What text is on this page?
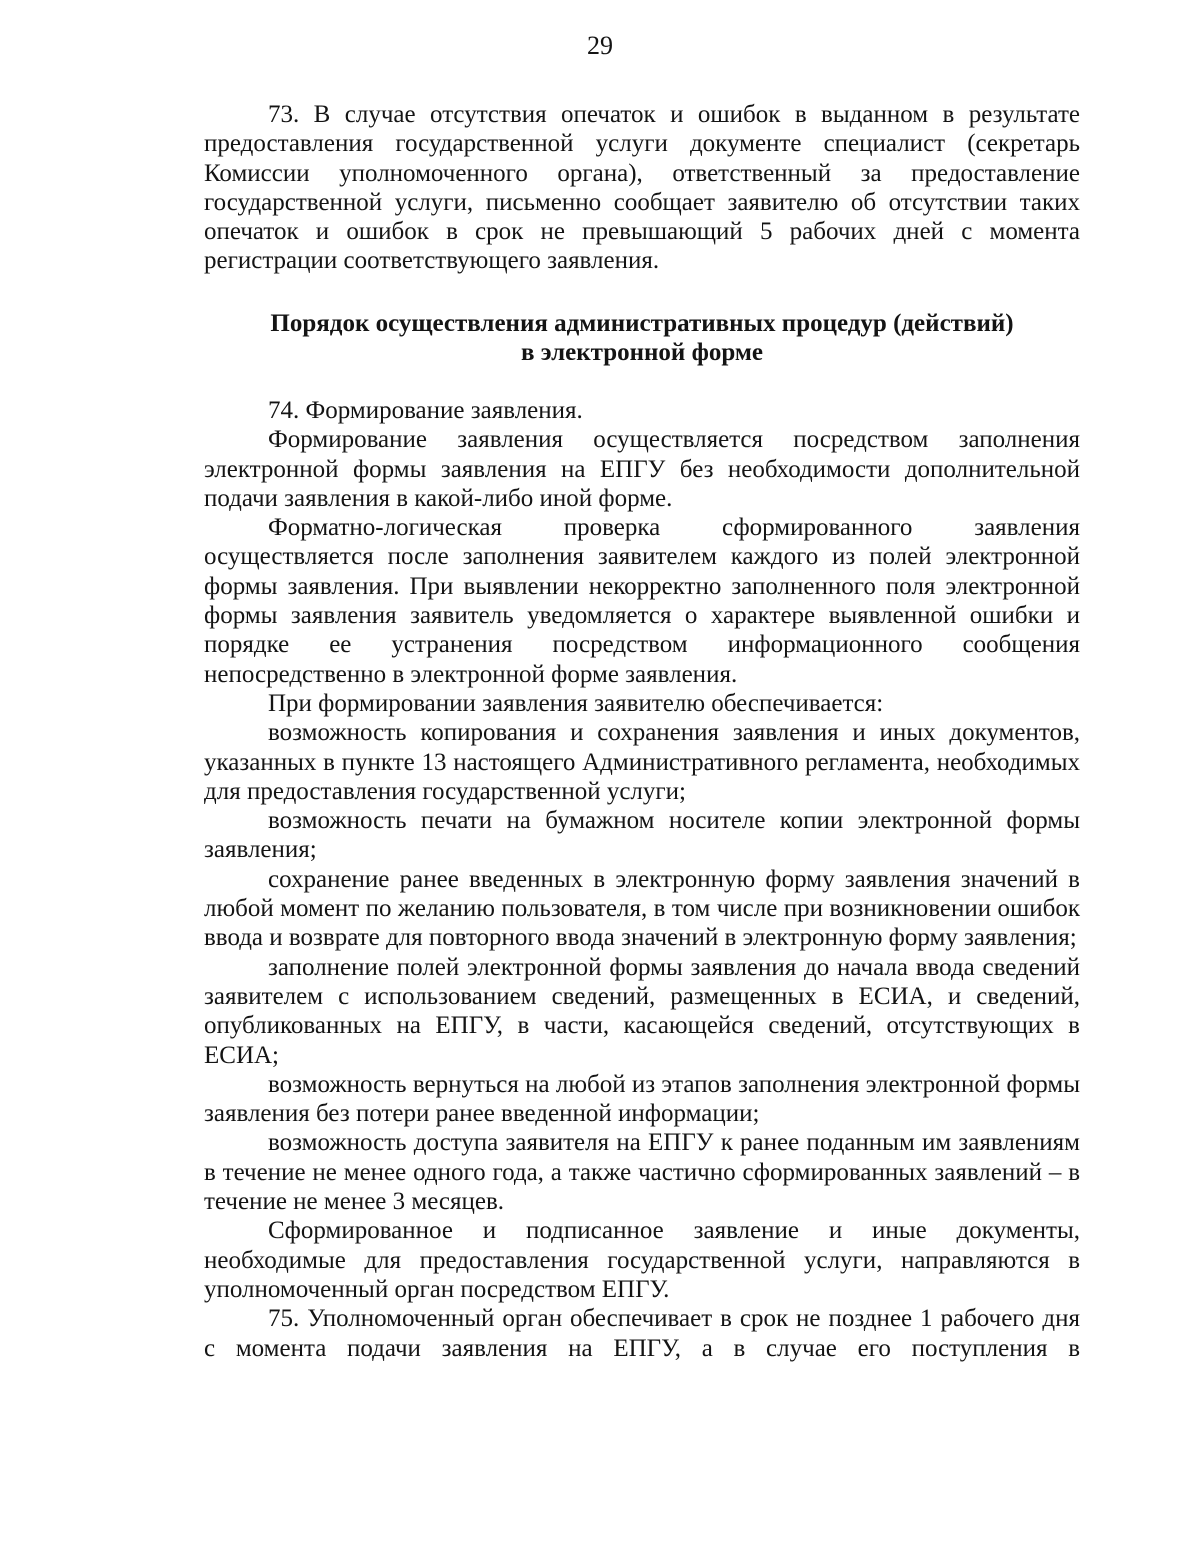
29

73. В случае отсутствия опечаток и ошибок в выданном в результате предоставления государственной услуги документе специалист (секретарь Комиссии уполномоченного органа), ответственный за предоставление государственной услуги, письменно сообщает заявителю об отсутствии таких опечаток и ошибок в срок не превышающий 5 рабочих дней с момента регистрации соответствующего заявления.

Порядок осуществления административных процедур (действий)
в электронной форме

74. Формирование заявления.

Формирование заявления осуществляется посредством заполнения электронной формы заявления на ЕПГУ без необходимости дополнительной подачи заявления в какой-либо иной форме.

Форматно-логическая проверка сформированного заявления осуществляется после заполнения заявителем каждого из полей электронной формы заявления. При выявлении некорректно заполненного поля электронной формы заявления заявитель уведомляется о характере выявленной ошибки и порядке ее устранения посредством информационного сообщения непосредственно в электронной форме заявления.

При формировании заявления заявителю обеспечивается:

возможность копирования и сохранения заявления и иных документов, указанных в пункте 13 настоящего Административного регламента, необходимых для предоставления государственной услуги;

возможность печати на бумажном носителе копии электронной формы заявления;

сохранение ранее введенных в электронную форму заявления значений в любой момент по желанию пользователя, в том числе при возникновении ошибок ввода и возврате для повторного ввода значений в электронную форму заявления;

заполнение полей электронной формы заявления до начала ввода сведений заявителем с использованием сведений, размещенных в ЕСИА, и сведений, опубликованных на ЕПГУ, в части, касающейся сведений, отсутствующих в ЕСИА;

возможность вернуться на любой из этапов заполнения электронной формы заявления без потери ранее введенной информации;

возможность доступа заявителя на ЕПГУ к ранее поданным им заявлениям в течение не менее одного года, а также частично сформированных заявлений – в течение не менее 3 месяцев.

Сформированное и подписанное заявление и иные документы, необходимые для предоставления государственной услуги, направляются в уполномоченный орган посредством ЕПГУ.

75. Уполномоченный орган обеспечивает в срок не позднее 1 рабочего дня с момента подачи заявления на ЕПГУ, а в случае его поступления в
